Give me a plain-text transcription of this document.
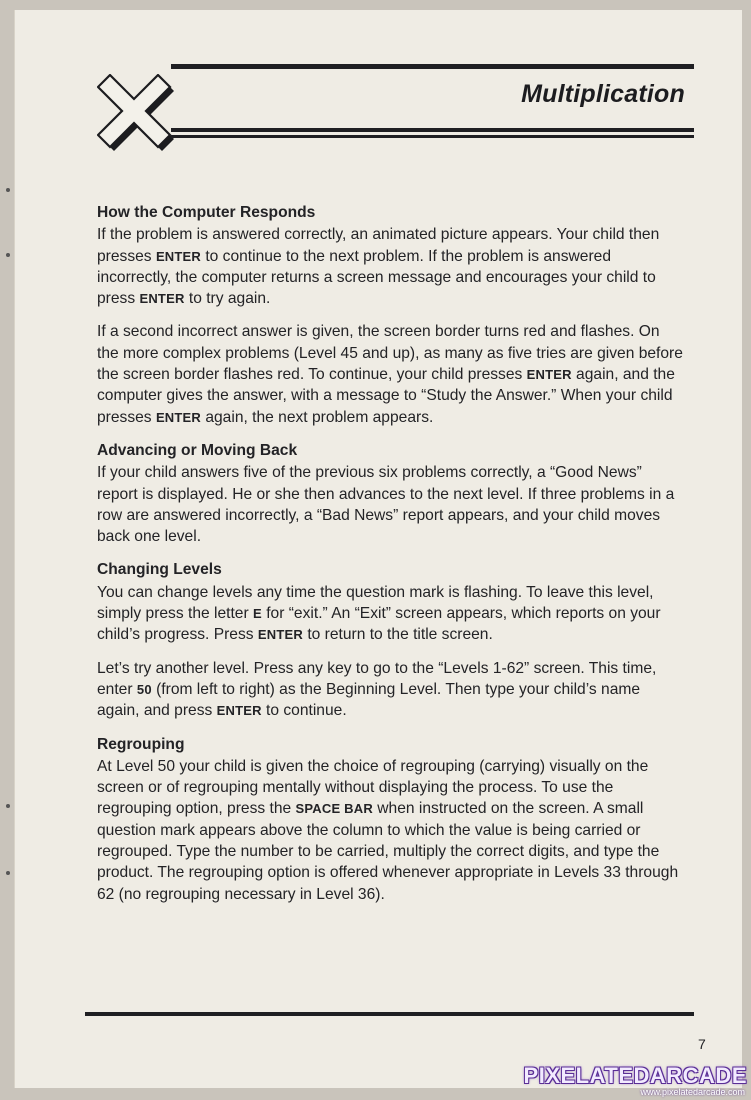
Multiplication
How the Computer Responds

If the problem is answered correctly, an animated picture appears. Your child then presses ENTER to continue to the next problem. If the problem is answered incorrectly, the computer returns a screen message and encourages your child to press ENTER to try again.

If a second incorrect answer is given, the screen border turns red and flashes. On the more complex problems (Level 45 and up), as many as five tries are given before the screen border flashes red. To continue, your child presses ENTER again, and the computer gives the answer, with a message to “Study the Answer.” When your child presses ENTER again, the next problem appears.

Advancing or Moving Back

If your child answers five of the previous six problems correctly, a “Good News” report is displayed. He or she then advances to the next level. If three problems in a row are answered incorrectly, a “Bad News” report appears, and your child moves back one level.

Changing Levels

You can change levels any time the question mark is flashing. To leave this level, simply press the letter E for “exit.” An “Exit” screen appears, which reports on your child’s progress. Press ENTER to return to the title screen.

Let’s try another level. Press any key to go to the “Levels 1-62” screen. This time, enter 50 (from left to right) as the Beginning Level. Then type your child’s name again, and press ENTER to continue.

Regrouping

At Level 50 your child is given the choice of regrouping (carrying) visually on the screen or of regrouping mentally without displaying the process. To use the regrouping option, press the SPACE BAR when instructed on the screen. A small question mark appears above the column to which the value is being carried or regrouped. Type the number to be carried, multiply the correct digits, and type the product. The regrouping option is offered whenever appropriate in Levels 33 through 62 (no regrouping necessary in Level 36).

7
PIXELATEDARCADE
www.pixelatedarcade.com
